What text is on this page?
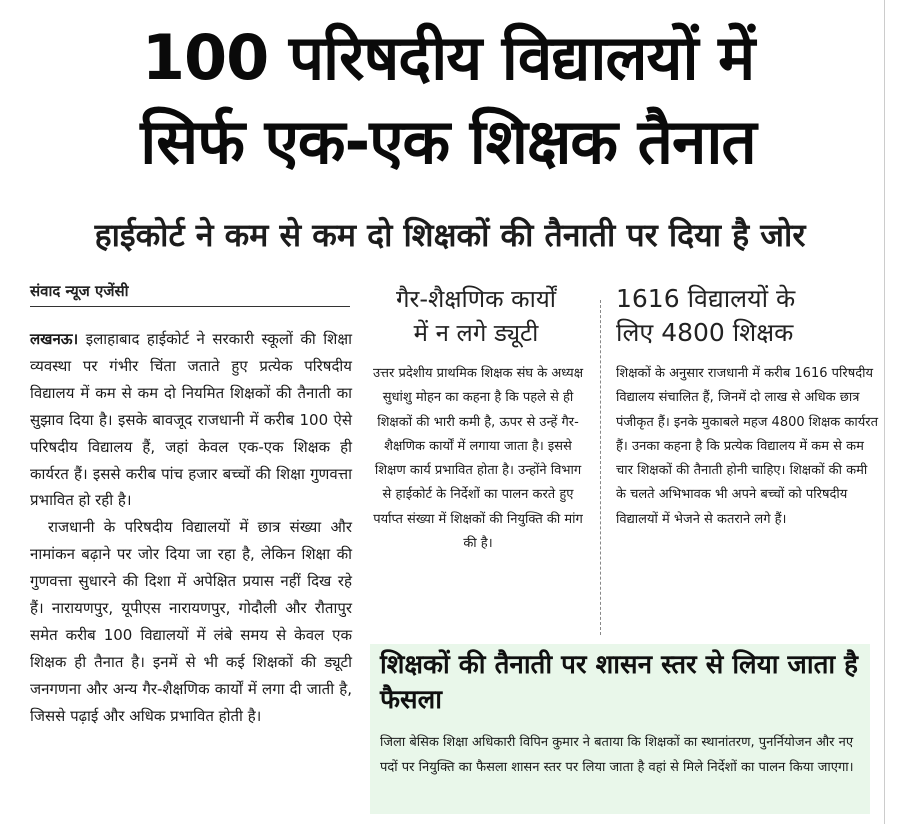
100 परिषदीय विद्यालयों में
सिर्फ एक-एक शिक्षक तैनात
हाईकोर्ट ने कम से कम दो शिक्षकों की तैनाती पर दिया है जोर
संवाद न्यूज एजेंसी

लखनऊ। इलाहाबाद हाईकोर्ट ने सरकारी स्कूलों की शिक्षा व्यवस्था पर गंभीर चिंता जताते हुए प्रत्येक परिषदीय विद्यालय में कम से कम दो नियमित शिक्षकों की तैनाती का सुझाव दिया है। इसके बावजूद राजधानी में करीब 100 ऐसे परिषदीय विद्यालय हैं, जहां केवल एक-एक शिक्षक ही कार्यरत हैं। इससे करीब पांच हजार बच्चों की शिक्षा गुणवत्ता प्रभावित हो रही है।

राजधानी के परिषदीय विद्यालयों में छात्र संख्या और नामांकन बढ़ाने पर जोर दिया जा रहा है, लेकिन शिक्षा की गुणवत्ता सुधारने की दिशा में अपेक्षित प्रयास नहीं दिख रहे हैं। नारायणपुर, यूपीएस नारायणपुर, गोदौली और रौतापुर समेत करीब 100 विद्यालयों में लंबे समय से केवल एक शिक्षक ही तैनात है। इनमें से भी कई शिक्षकों की ड्यूटी जनगणना और अन्य गैर-शैक्षणिक कार्यों में लगा दी जाती है, जिससे पढ़ाई और अधिक प्रभावित होती है।

गैर-शैक्षणिक कार्यों
में न लगे ड्यूटी
उत्तर प्रदेशीय प्राथमिक शिक्षक संघ के अध्यक्ष सुधांशु मोहन का कहना है कि पहले से ही शिक्षकों की भारी कमी है, ऊपर से उन्हें गैर-शैक्षणिक कार्यों में लगाया जाता है। इससे शिक्षण कार्य प्रभावित होता है। उन्होंने विभाग से हाईकोर्ट के निर्देशों का पालन करते हुए पर्याप्त संख्या में शिक्षकों की नियुक्ति की मांग की है।
1616 विद्यालयों के
लिए 4800 शिक्षक
शिक्षकों के अनुसार राजधानी में करीब 1616 परिषदीय विद्यालय संचालित हैं, जिनमें दो लाख से अधिक छात्र पंजीकृत हैं। इनके मुकाबले महज 4800 शिक्षक कार्यरत हैं। उनका कहना है कि प्रत्येक विद्यालय में कम से कम चार शिक्षकों की तैनाती होनी चाहिए। शिक्षकों की कमी के चलते अभिभावक भी अपने बच्चों को परिषदीय विद्यालयों में भेजने से कतराने लगे हैं।

शिक्षकों की तैनाती पर शासन स्तर से लिया जाता है फैसला

जिला बेसिक शिक्षा अधिकारी विपिन कुमार ने बताया कि शिक्षकों का स्थानांतरण, पुनर्नियोजन और नए पदों पर नियुक्ति का फैसला शासन स्तर पर लिया जाता है वहां से मिले निर्देशों का पालन किया जाएगा।
